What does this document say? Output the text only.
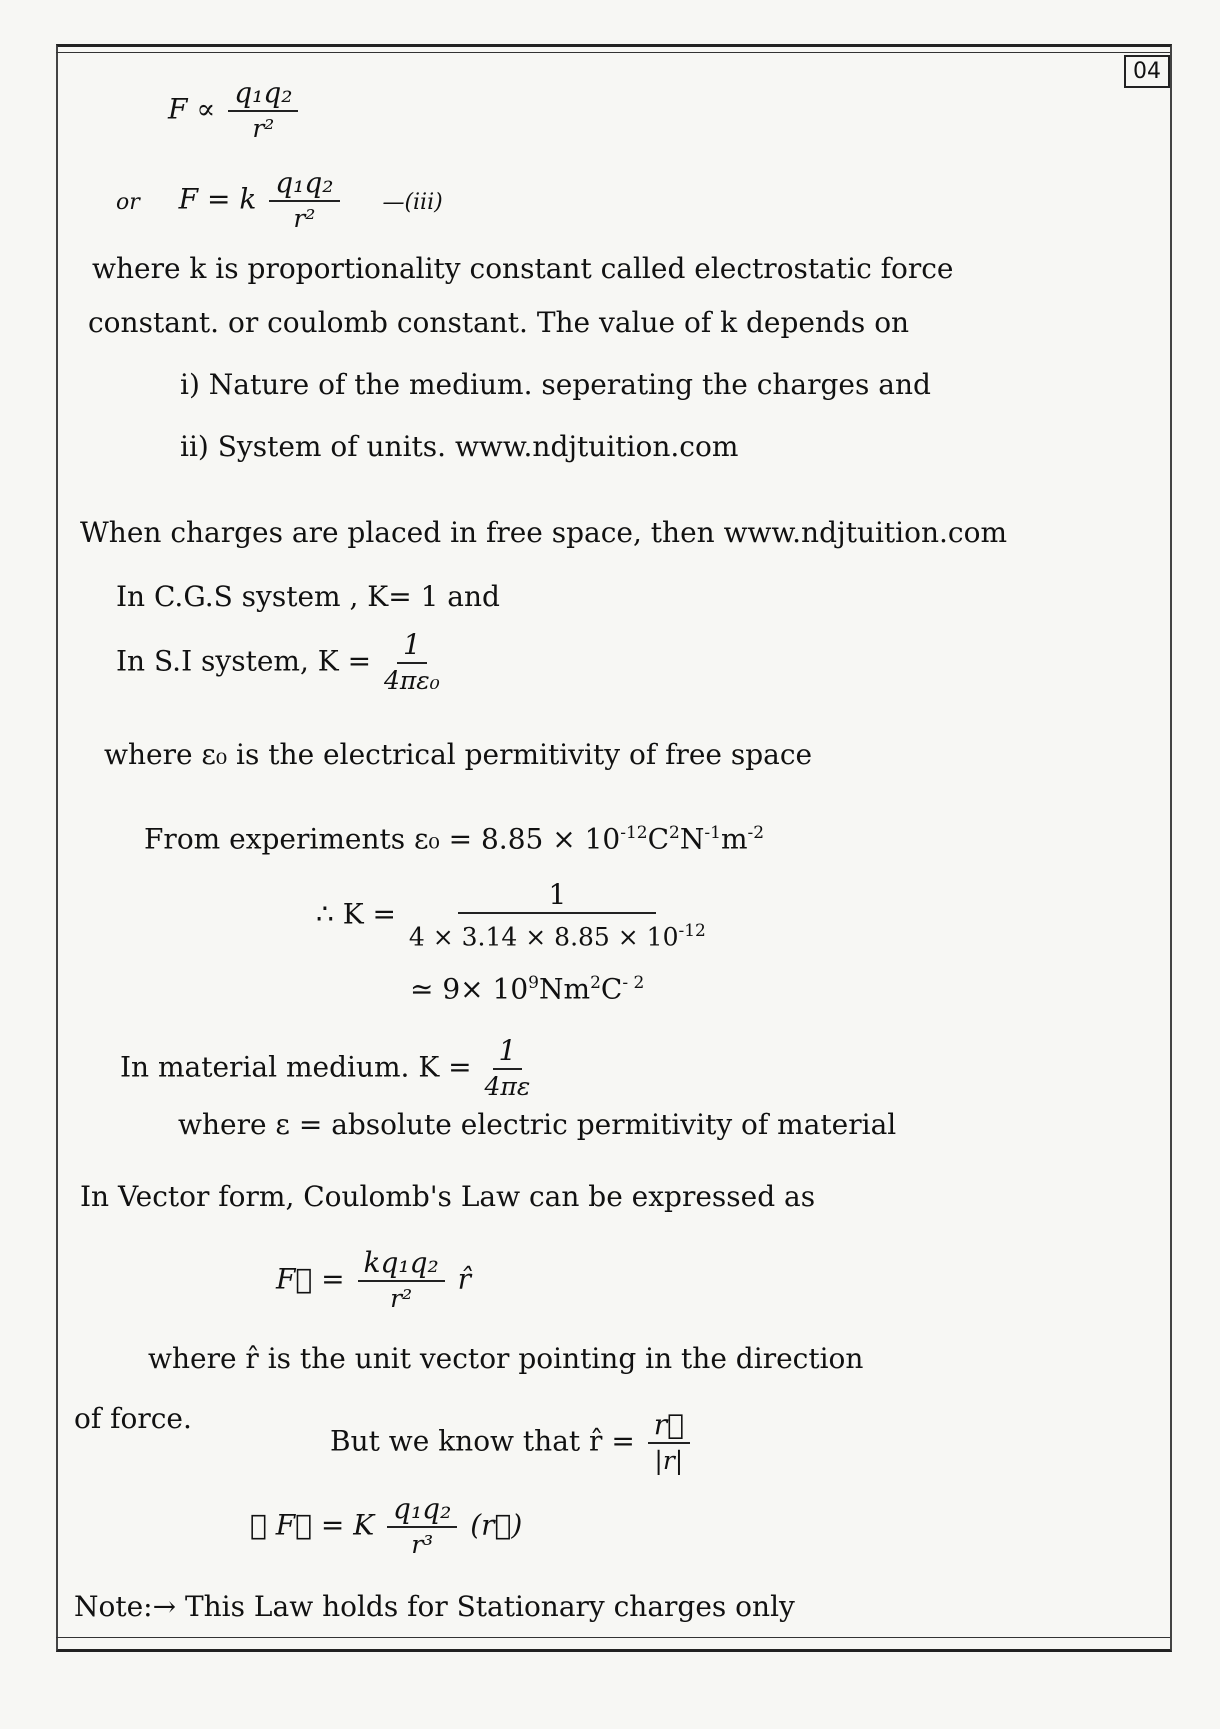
04
$F \propto \frac{\text{q₁q₂}}{\text{r²}}$
or F = k $\frac{\text{q₁q₂}}{\text{r²}}$ —(iii)
where k is proportionality constant called electrostatic force
constant. or coulomb constant. The value of k depends on
i) Nature of the medium. seperating the charges and
ii) System of units. www.ndjtuition.com
When charges are placed in free space, then www.ndjtuition.com
In C.G.S system , K= 1 and
In S.I system, $K = \frac{1}{\text{4πε₀}}$
where ε₀ is the electrical permitivity of free space
From experiments $\varepsilon_0 = 8.85 \times 10^{-12}C^2N^{-1}m^{-2}$
∴ $K = \frac{1}{4 \times 3.14 \times 8.85 \times 10^{-12}}$
≃ $9\times 10^9Nm^2C^{- 2}$
In material medium. $K = \frac{1}{4\pi\varepsilon}$
where ε = absolute electric permitivity of material
In Vector form, Coulomb's Law can be expressed as
F⃗ = $\frac{\text{kq₁q₂}}{\text{r²}}$ r̂
where r̂ is the unit vector pointing in the direction
of force.
But we know that r̂ = $\frac{r⃗}{|r|}$
∴ F⃗ = K $\frac{\text{q₁q₂}}{\text{r³}}$ (r⃗)
Note:→ This Law holds for Stationary charges only
